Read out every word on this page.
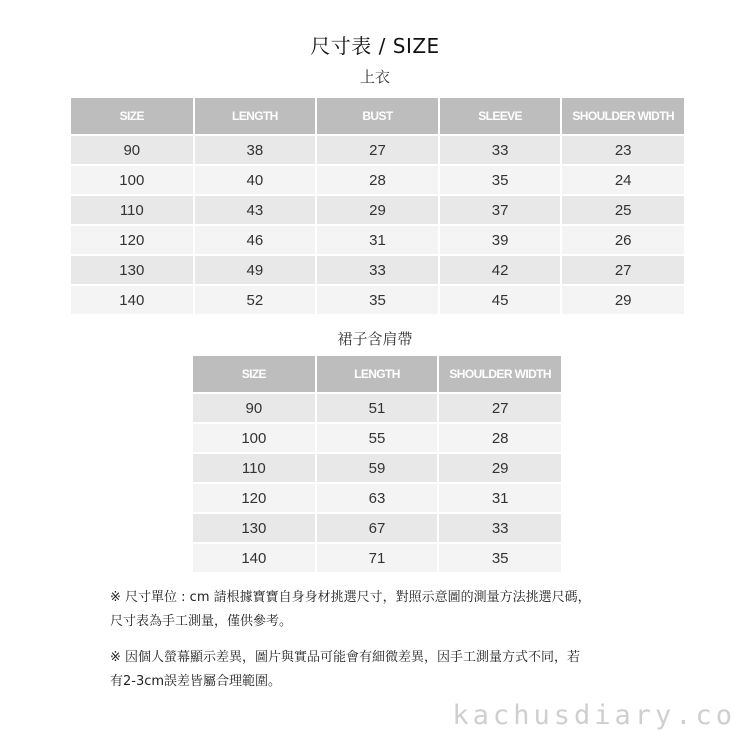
尺寸表 / SIZE
上衣
SIZE	LENGTH	BUST	SLEEVE	SHOULDER WIDTH
90	38	27	33	23
100	40	28	35	24
110	43	29	37	25
120	46	31	39	26
130	49	33	42	27
140	52	35	45	29
裙子含肩帶
SIZE	LENGTH	SHOULDER WIDTH
90	51	27
100	55	28
110	59	29
120	63	31
130	67	33
140	71	35
※ 尺寸單位 : cm 請根據寶寶自身身材挑選尺寸，對照示意圖的測量方法挑選尺碼，
尺寸表為手工測量，僅供參考。
※ 因個人螢幕顯示差異，圖片與實品可能會有細微差異，因手工測量方式不同，若
有2-3cm誤差皆屬合理範圍。
kachusdiary.co
